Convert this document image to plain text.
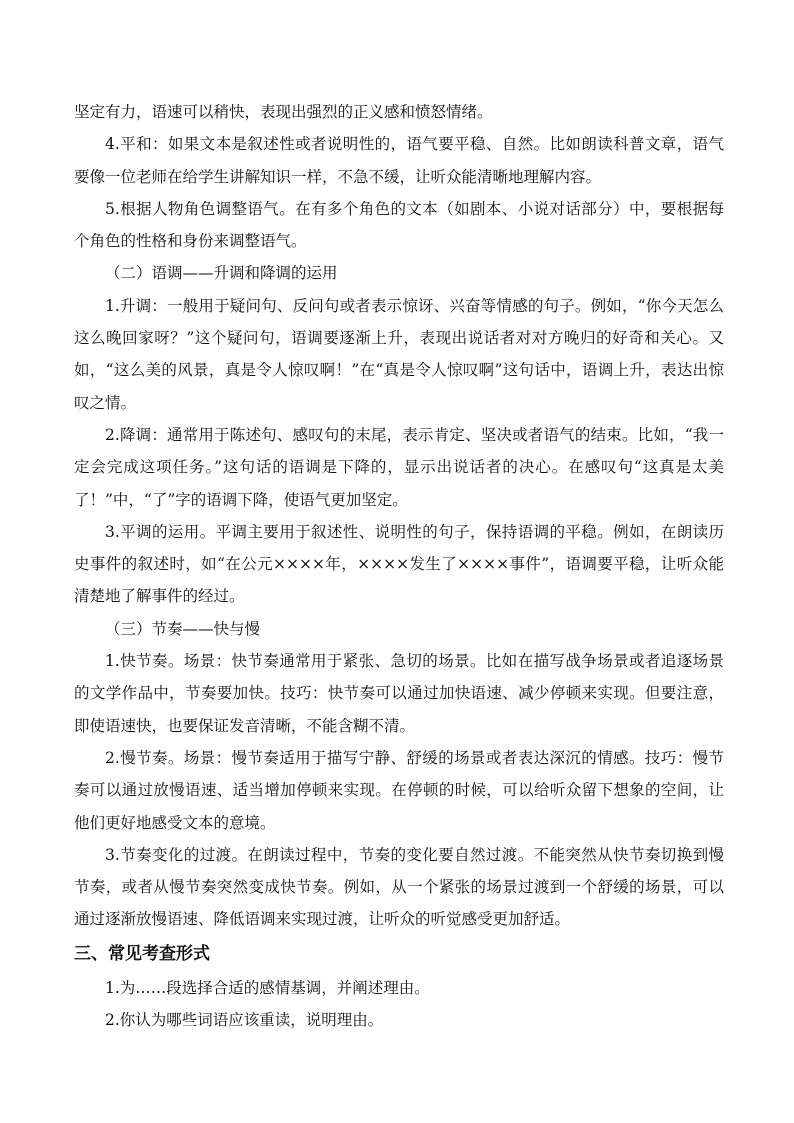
坚定有力，语速可以稍快，表现出强烈的正义感和愤怒情绪。

4.平和：如果文本是叙述性或者说明性的，语气要平稳、自然。比如朗读科普文章，语气要像一位老师在给学生讲解知识一样，不急不缓，让听众能清晰地理解内容。

5.根据人物角色调整语气。在有多个角色的文本（如剧本、小说对话部分）中，要根据每个角色的性格和身份来调整语气。

（二）语调——升调和降调的运用

1.升调：一般用于疑问句、反问句或者表示惊讶、兴奋等情感的句子。例如，“你今天怎么这么晚回家呀？”这个疑问句，语调要逐渐上升，表现出说话者对对方晚归的好奇和关心。又如，“这么美的风景，真是令人惊叹啊！”在“真是令人惊叹啊”这句话中，语调上升，表达出惊叹之情。

2.降调：通常用于陈述句、感叹句的末尾，表示肯定、坚决或者语气的结束。比如，“我一定会完成这项任务。”这句话的语调是下降的，显示出说话者的决心。在感叹句“这真是太美了！”中，“了”字的语调下降，使语气更加坚定。

3.平调的运用。平调主要用于叙述性、说明性的句子，保持语调的平稳。例如，在朗读历史事件的叙述时，如“在公元××××年，××××发生了××××事件”，语调要平稳，让听众能清楚地了解事件的经过。

（三）节奏——快与慢

1.快节奏。场景：快节奏通常用于紧张、急切的场景。比如在描写战争场景或者追逐场景的文学作品中，节奏要加快。技巧：快节奏可以通过加快语速、减少停顿来实现。但要注意，即使语速快，也要保证发音清晰，不能含糊不清。

2.慢节奏。场景：慢节奏适用于描写宁静、舒缓的场景或者表达深沉的情感。技巧：慢节奏可以通过放慢语速、适当增加停顿来实现。在停顿的时候，可以给听众留下想象的空间，让他们更好地感受文本的意境。

3.节奏变化的过渡。在朗读过程中，节奏的变化要自然过渡。不能突然从快节奏切换到慢节奏，或者从慢节奏突然变成快节奏。例如，从一个紧张的场景过渡到一个舒缓的场景，可以通过逐渐放慢语速、降低语调来实现过渡，让听众的听觉感受更加舒适。

三、常见考查形式

1.为……段选择合适的感情基调，并阐述理由。

2.你认为哪些词语应该重读，说明理由。
